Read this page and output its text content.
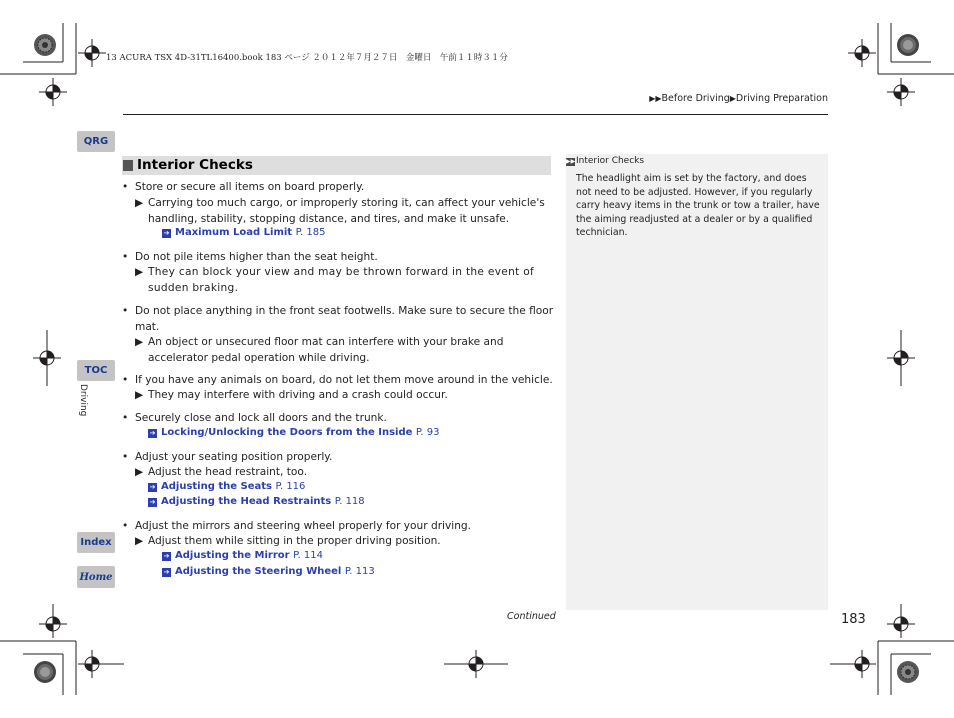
13 ACURA TSX 4D-31TL16400.book 183 ページ ２０１２年７月２７日　金曜日　午前１１時３１分
▶▶Before Driving▶Driving Preparation
QRG
TOC
Driving
Index
Home
Interior Checks
• Store or secure all items on board properly.
▶ Carrying too much cargo, or improperly storing it, can affect your vehicle's handling, stability, stopping distance, and tires, and make it unsafe.
➔ Maximum Load Limit P. 185
• Do not pile items higher than the seat height.
▶ They can block your view and may be thrown forward in the event of sudden braking.
• Do not place anything in the front seat footwells. Make sure to secure the floor mat.
▶ An object or unsecured floor mat can interfere with your brake and accelerator pedal operation while driving.
• If you have any animals on board, do not let them move around in the vehicle.
▶ They may interfere with driving and a crash could occur.
• Securely close and lock all doors and the trunk.
➔ Locking/Unlocking the Doors from the Inside P. 93
• Adjust your seating position properly.
▶ Adjust the head restraint, too.
➔ Adjusting the Seats P. 116
➔ Adjusting the Head Restraints P. 118
• Adjust the mirrors and steering wheel properly for your driving.
▶ Adjust them while sitting in the proper driving position.
➔ Adjusting the Mirror P. 114
➔ Adjusting the Steering Wheel P. 113
▶▶Interior Checks
The headlight aim is set by the factory, and does not need to be adjusted. However, if you regularly carry heavy items in the trunk or tow a trailer, have the aiming readjusted at a dealer or by a qualified technician.
Continued	183
